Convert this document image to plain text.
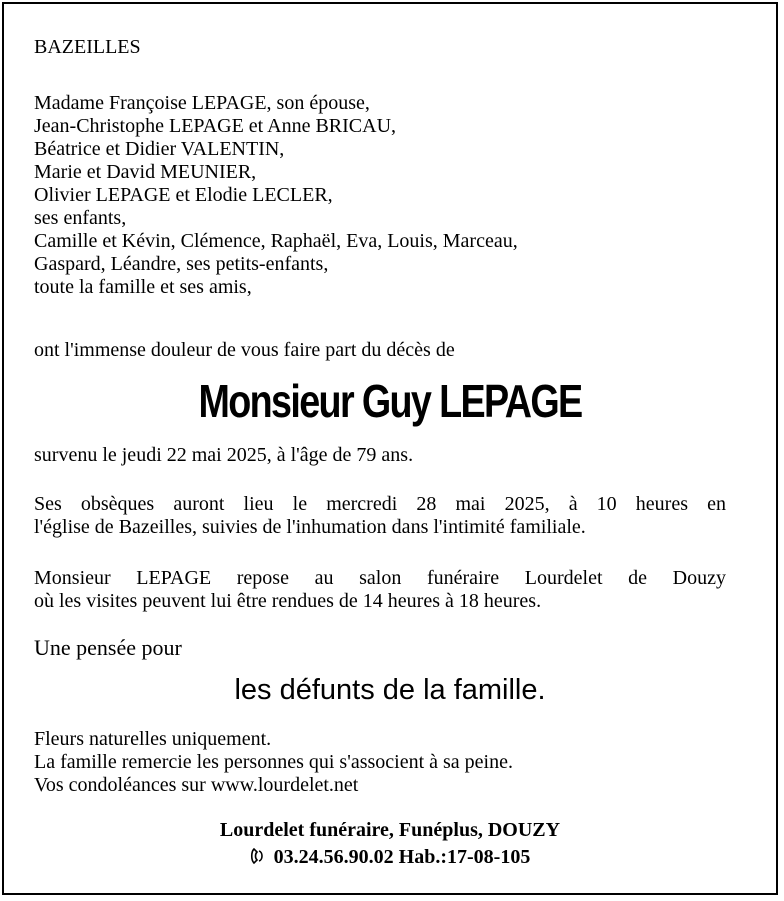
BAZEILLES
Madame Françoise LEPAGE, son épouse,
Jean-Christophe LEPAGE et Anne BRICAU,
Béatrice et Didier VALENTIN,
Marie et David MEUNIER,
Olivier LEPAGE et Elodie LECLER,
ses enfants,
Camille et Kévin, Clémence, Raphaël, Eva, Louis, Marceau,
Gaspard, Léandre, ses petits-enfants,
toute la famille et ses amis,
ont l'immense douleur de vous faire part du décès de
Monsieur Guy LEPAGE
survenu le jeudi 22 mai 2025, à l'âge de 79 ans.
Ses obsèques auront lieu le mercredi 28 mai 2025, à 10 heures en
l'église de Bazeilles, suivies de l'inhumation dans l'intimité familiale.
Monsieur LEPAGE repose au salon funéraire Lourdelet de Douzy
où les visites peuvent lui être rendues de 14 heures à 18 heures.
Une pensée pour
les défunts de la famille.
Fleurs naturelles uniquement.
La famille remercie les personnes qui s'associent à sa peine.
Vos condoléances sur www.lourdelet.net
Lourdelet funéraire, Funéplus, DOUZY
03.24.56.90.02 Hab.:17-08-105
